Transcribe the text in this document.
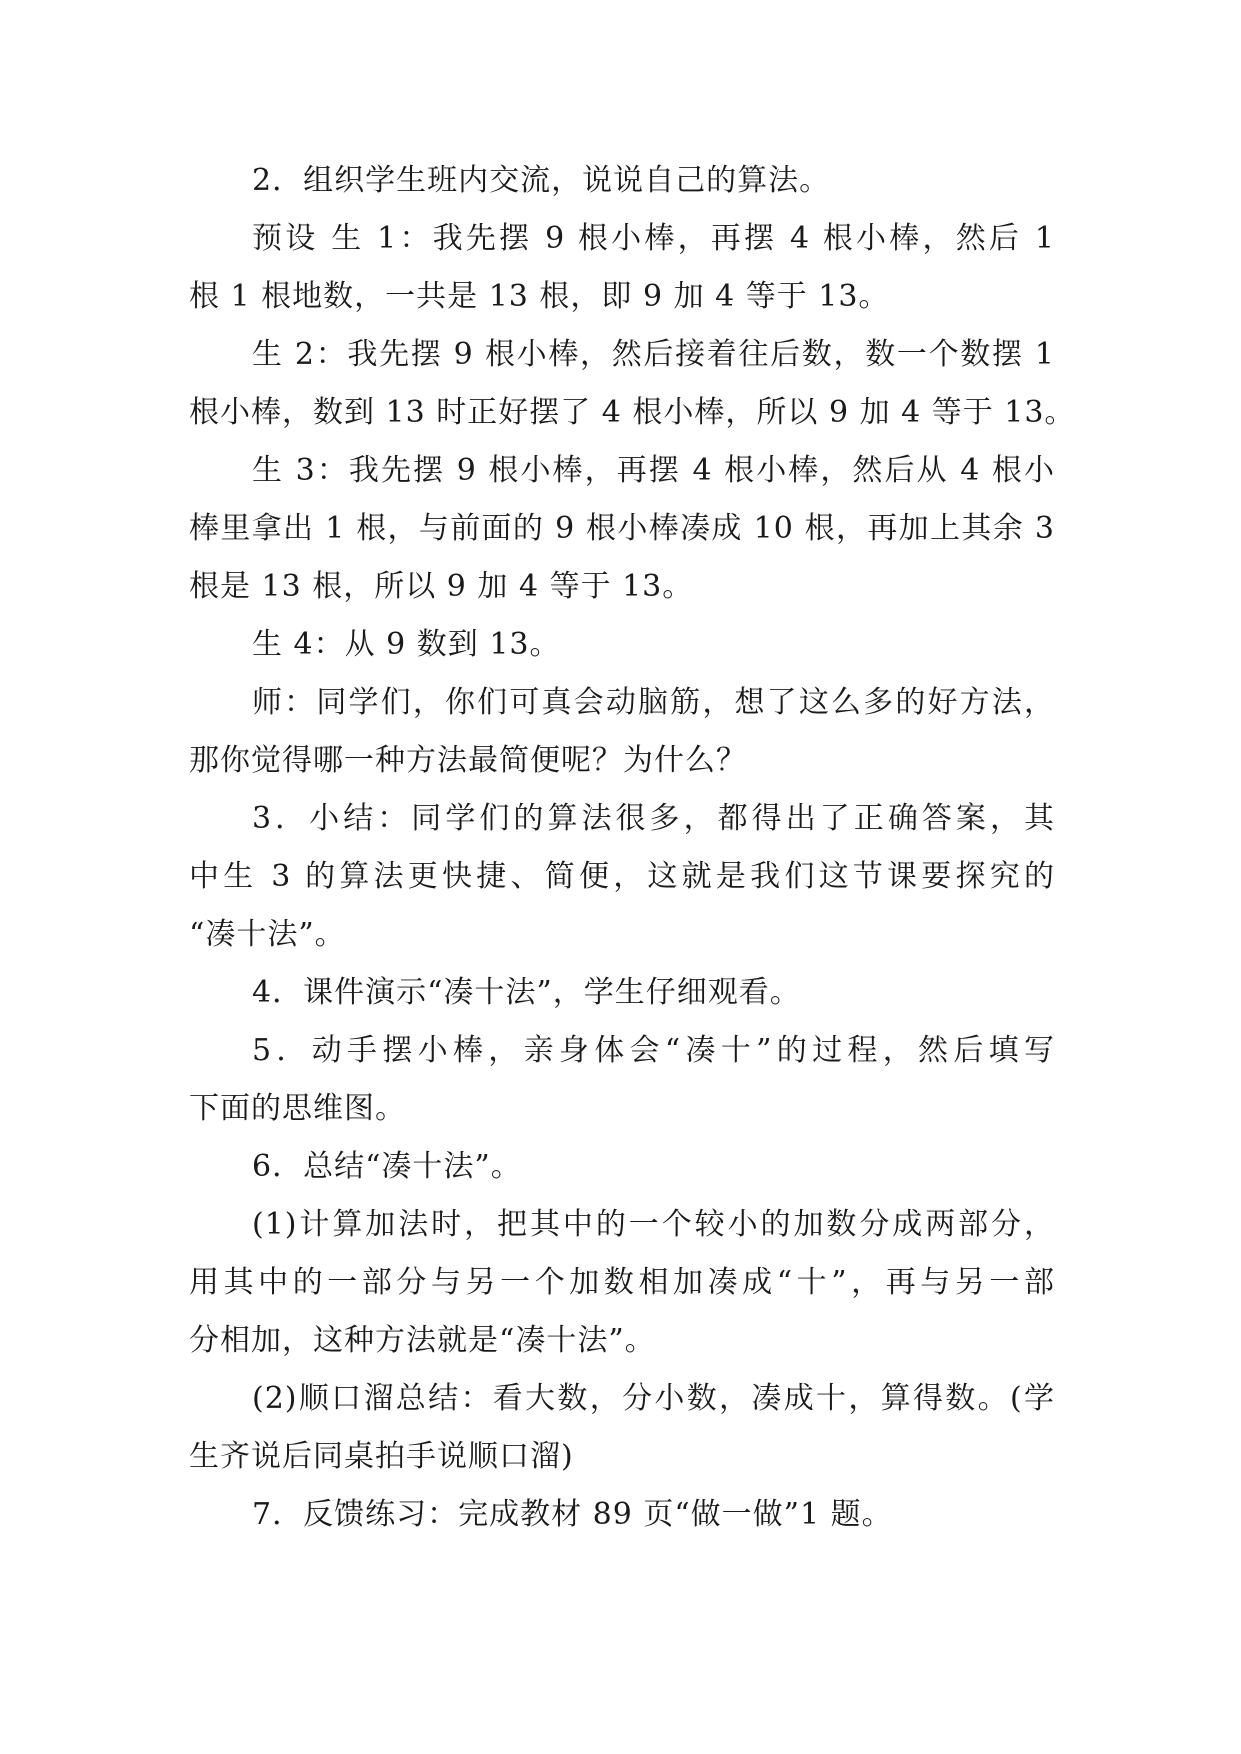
2．组织学生班内交流，说说自己的算法。
预设 生 1：我先摆 9 根小棒，再摆 4 根小棒，然后 1
根 1 根地数，一共是 13 根，即 9 加 4 等于 13。
生 2：我先摆 9 根小棒，然后接着往后数，数一个数摆 1
根小棒，数到 13 时正好摆了 4 根小棒，所以 9 加 4 等于 13。
生 3：我先摆 9 根小棒，再摆 4 根小棒，然后从 4 根小
棒里拿出 1 根，与前面的 9 根小棒凑成 10 根，再加上其余 3
根是 13 根，所以 9 加 4 等于 13。
生 4：从 9 数到 13。
师：同学们，你们可真会动脑筋，想了这么多的好方法，
那你觉得哪一种方法最简便呢？为什么？
3．小结：同学们的算法很多，都得出了正确答案，其
中生 3 的算法更快捷、简便，这就是我们这节课要探究的
“凑十法”。
4．课件演示“凑十法”，学生仔细观看。
5．动手摆小棒，亲身体会“凑十”的过程，然后填写
下面的思维图。
6．总结“凑十法”。
(1)计算加法时，把其中的一个较小的加数分成两部分，
用其中的一部分与另一个加数相加凑成“十”，再与另一部
分相加，这种方法就是“凑十法”。
(2)顺口溜总结：看大数，分小数，凑成十，算得数。(学
生齐说后同桌拍手说顺口溜)
7．反馈练习：完成教材 89 页“做一做”1 题。
